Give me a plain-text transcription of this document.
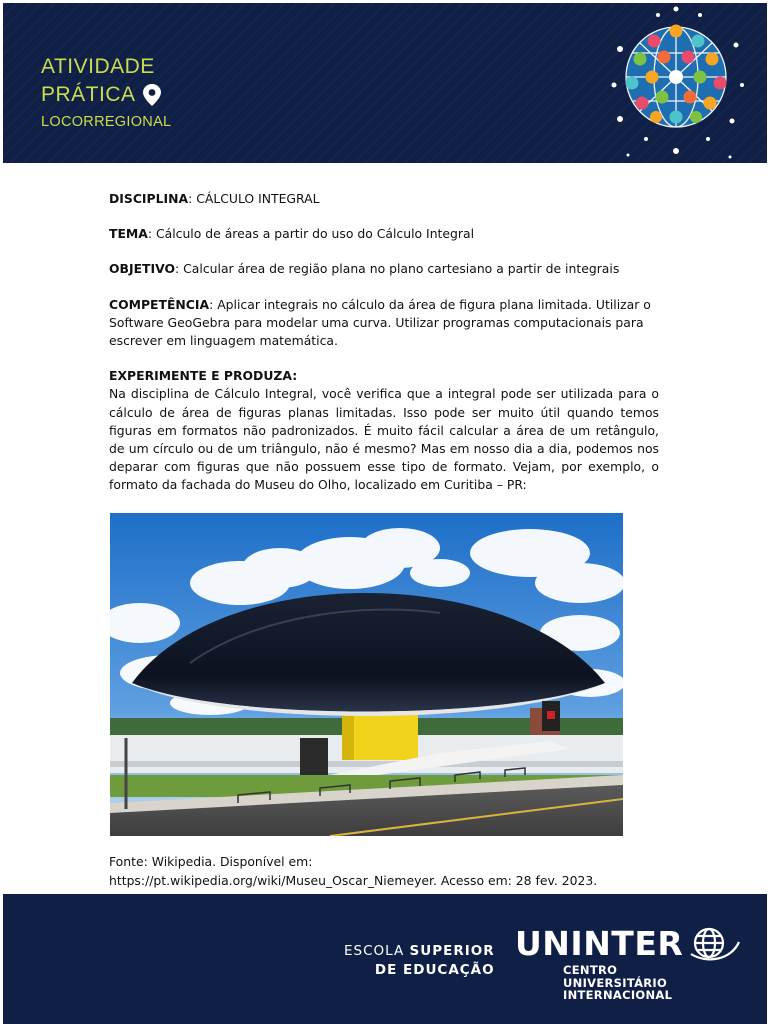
ATIVIDADE
PRÁTICA
LOCORREGIONAL

DISCIPLINA: CÁLCULO INTEGRAL

TEMA: Cálculo de áreas a partir do uso do Cálculo Integral

OBJETIVO: Calcular área de região plana no plano cartesiano a partir de integrais

COMPETÊNCIA: Aplicar integrais no cálculo da área de figura plana limitada. Utilizar o Software GeoGebra para modelar uma curva. Utilizar programas computacionais para escrever em linguagem matemática.

EXPERIMENTE E PRODUZA:
Na disciplina de Cálculo Integral, você verifica que a integral pode ser utilizada para o cálculo de área de figuras planas limitadas. Isso pode ser muito útil quando temos figuras em formatos não padronizados. É muito fácil calcular a área de um retângulo, de um círculo ou de um triângulo, não é mesmo? Mas em nosso dia a dia, podemos nos deparar com figuras que não possuem esse tipo de formato. Vejam, por exemplo, o formato da fachada do Museu do Olho, localizado em Curitiba – PR:

Fonte: Wikipedia. Disponível em:
https://pt.wikipedia.org/wiki/Museu_Oscar_Niemeyer. Acesso em: 28 fev. 2023.
ESCOLA SUPERIOR
DE EDUCAÇÃO
UNINTER
CENTRO
UNIVERSITÁRIO
INTERNACIONAL
